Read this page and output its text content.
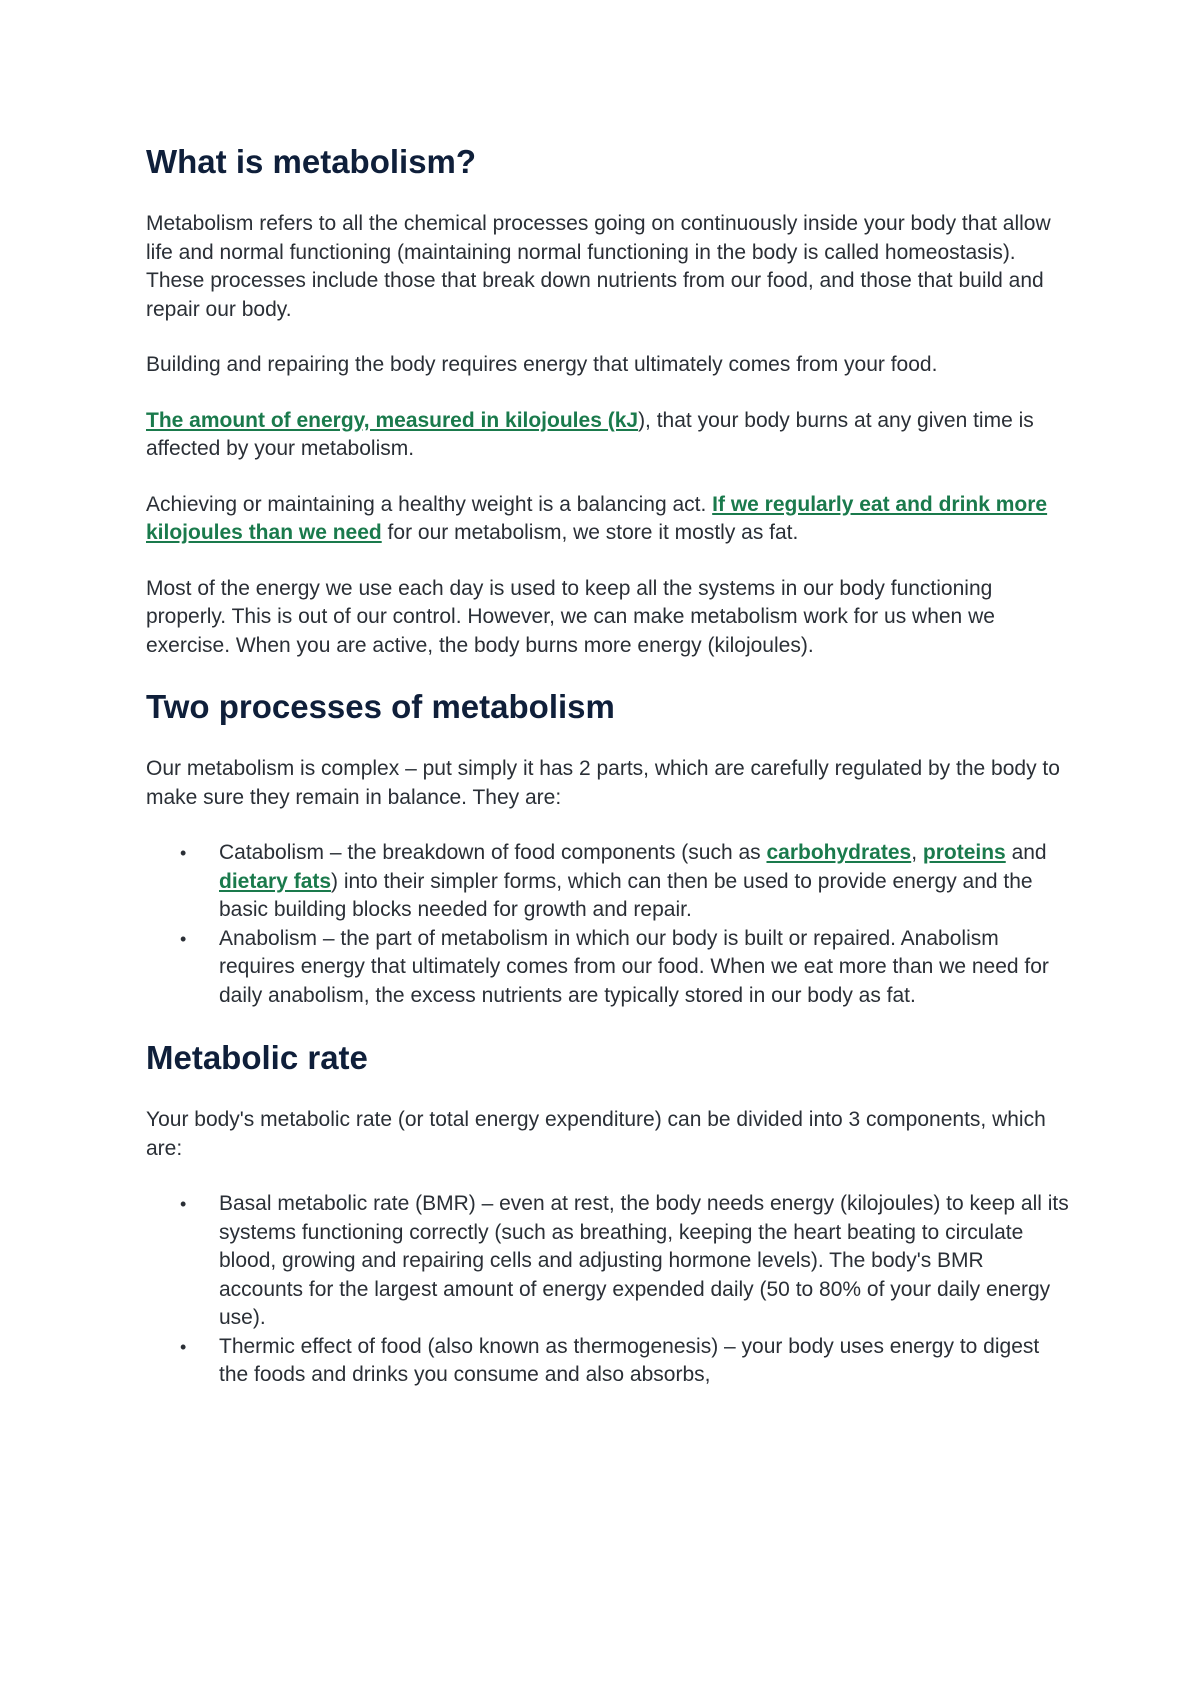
What is metabolism?

Metabolism refers to all the chemical processes going on continuously inside your body that allow life and normal functioning (maintaining normal functioning in the body is called homeostasis). These processes include those that break down nutrients from our food, and those that build and repair our body.

Building and repairing the body requires energy that ultimately comes from your food.

The amount of energy, measured in kilojoules (kJ), that your body burns at any given time is affected by your metabolism.

Achieving or maintaining a healthy weight is a balancing act. If we regularly eat and drink more kilojoules than we need for our metabolism, we store it mostly as fat.

Most of the energy we use each day is used to keep all the systems in our body functioning properly. This is out of our control. However, we can make metabolism work for us when we exercise. When you are active, the body burns more energy (kilojoules).

Two processes of metabolism

Our metabolism is complex – put simply it has 2 parts, which are carefully regulated by the body to make sure they remain in balance. They are:

• Catabolism – the breakdown of food components (such as carbohydrates, proteins and dietary fats) into their simpler forms, which can then be used to provide energy and the basic building blocks needed for growth and repair.
• Anabolism – the part of metabolism in which our body is built or repaired. Anabolism requires energy that ultimately comes from our food. When we eat more than we need for daily anabolism, the excess nutrients are typically stored in our body as fat.
Metabolic rate

Your body's metabolic rate (or total energy expenditure) can be divided into 3 components, which are:

• Basal metabolic rate (BMR) – even at rest, the body needs energy (kilojoules) to keep all its systems functioning correctly (such as breathing, keeping the heart beating to circulate blood, growing and repairing cells and adjusting hormone levels). The body's BMR accounts for the largest amount of energy expended daily (50 to 80% of your daily energy use).
• Thermic effect of food (also known as thermogenesis) – your body uses energy to digest the foods and drinks you consume and also absorbs,
